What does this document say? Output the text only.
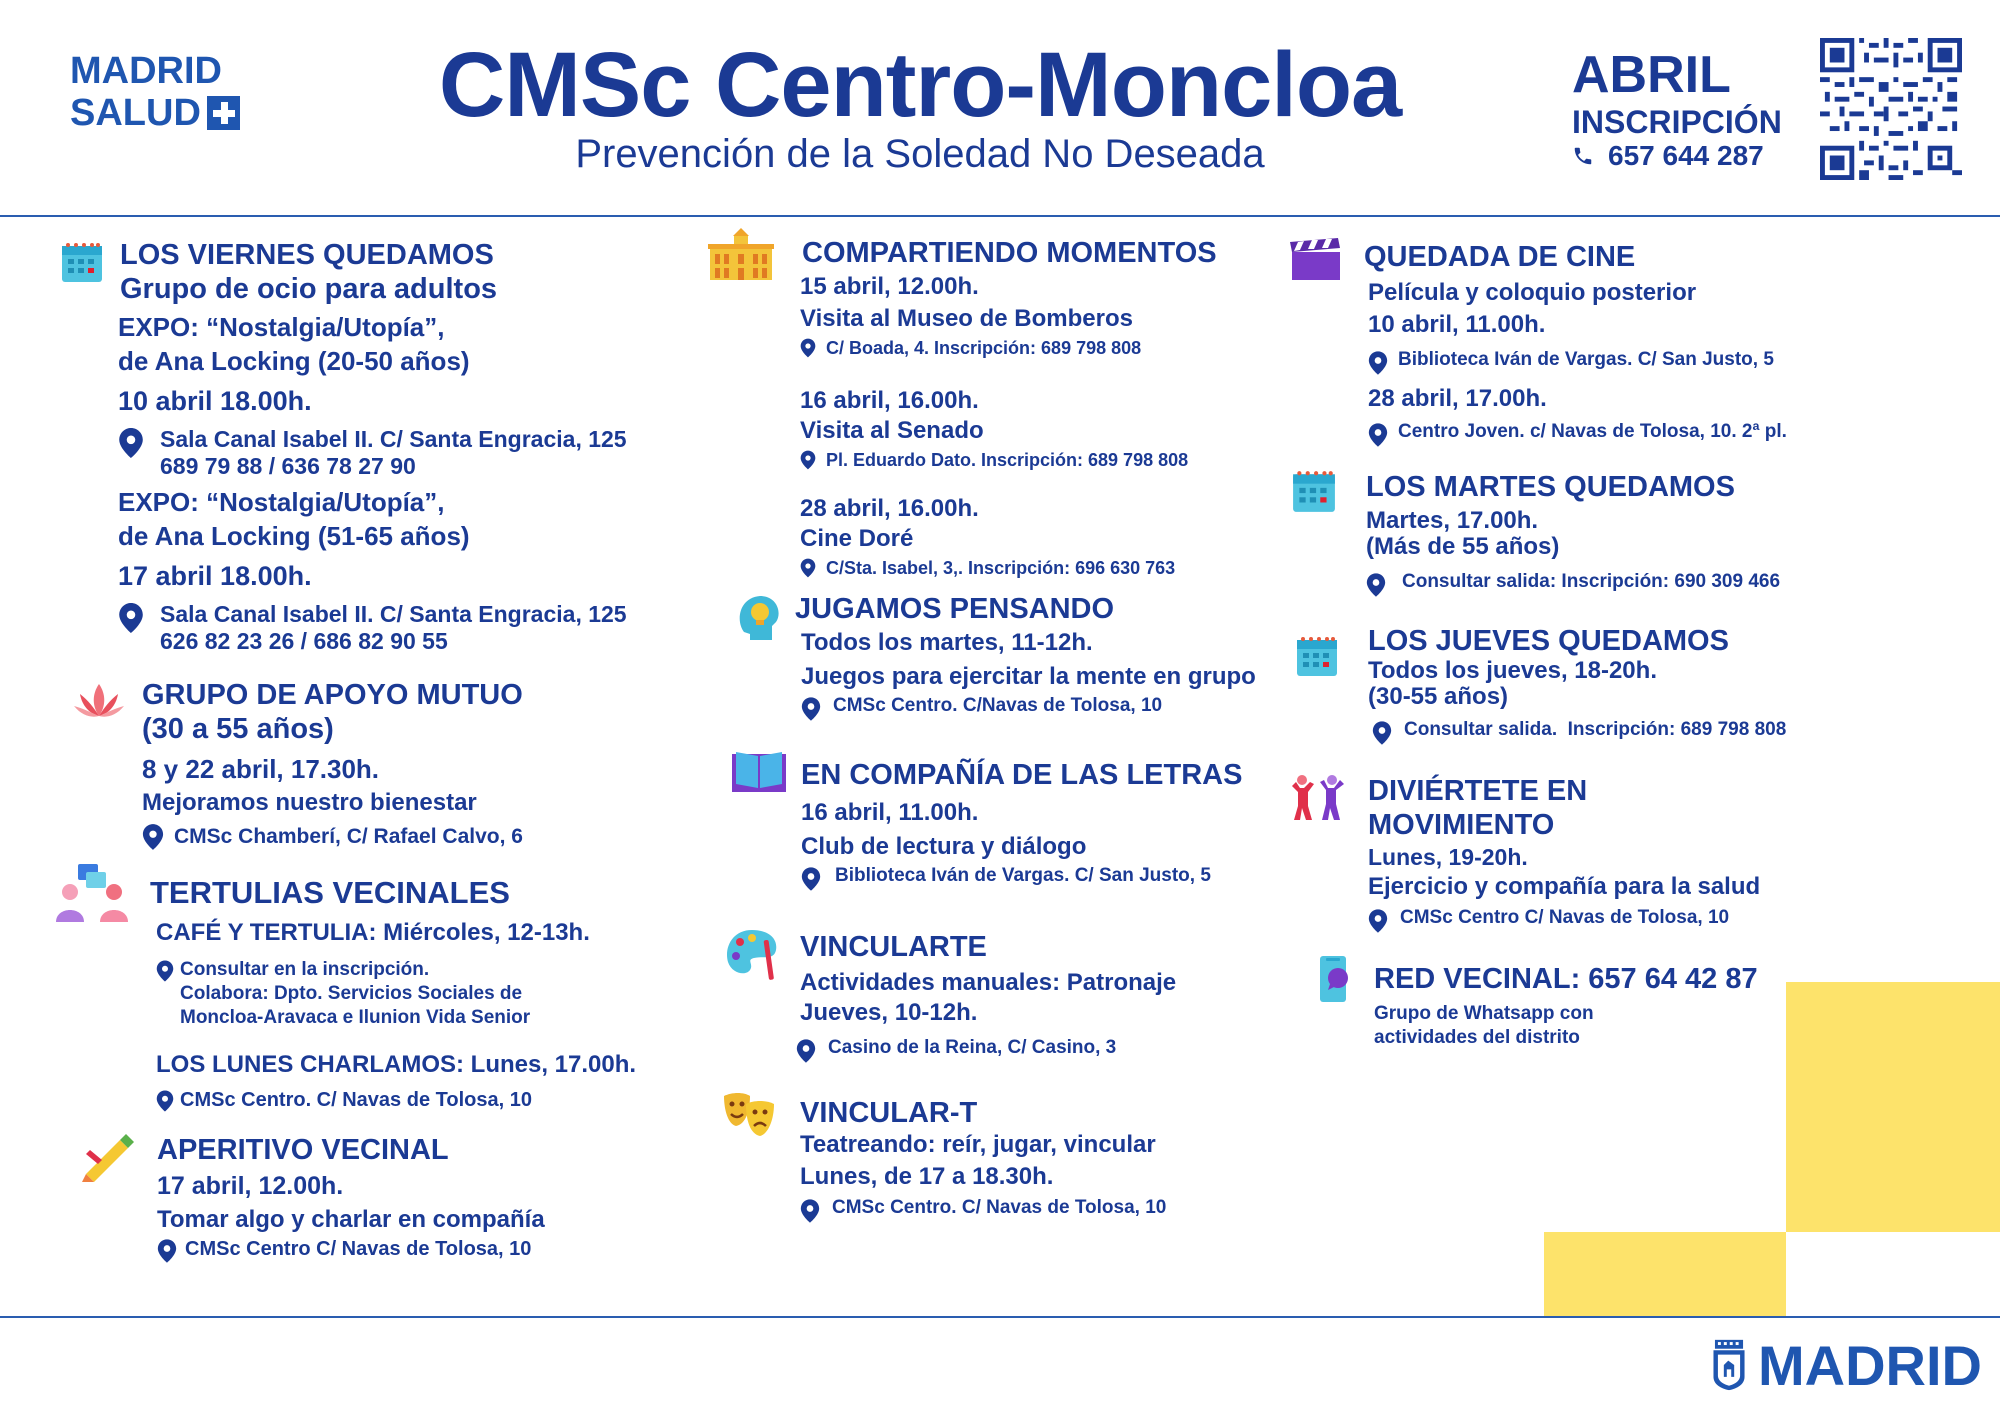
MADRID
SALUD	CMSc Centro-Moncloa
Prevención de la Soledad No Deseada
ABRIL
INSCRIPCIÓN
657 644 287
LOS VIERNES QUEDAMOS
Grupo de ocio para adultos
EXPO: “Nostalgia/Utopía”,
de Ana Locking (20-50 años)
10 abril 18.00h.
Sala Canal Isabel II. C/ Santa Engracia, 125
689 79 88 / 636 78 27 90
EXPO: “Nostalgia/Utopía”,
de Ana Locking (51-65 años)
17 abril 18.00h.
Sala Canal Isabel II. C/ Santa Engracia, 125
626 82 23 26 / 686 82 90 55
GRUPO DE APOYO MUTUO
(30 a 55 años)
8 y 22 abril, 17.30h.
Mejoramos nuestro bienestar
CMSc Chamberí, C/ Rafael Calvo, 6
TERTULIAS VECINALES
CAFÉ Y TERTULIA: Miércoles, 12-13h.
Consultar en la inscripción.
Colabora: Dpto. Servicios Sociales de
Moncloa-Aravaca e Ilunion Vida Senior
LOS LUNES CHARLAMOS: Lunes, 17.00h.
CMSc Centro. C/ Navas de Tolosa, 10
APERITIVO VECINAL
17 abril, 12.00h.
Tomar algo y charlar en compañía
CMSc Centro C/ Navas de Tolosa, 10
COMPARTIENDO MOMENTOS
15 abril, 12.00h.
Visita al Museo de Bomberos
C/ Boada, 4. Inscripción: 689 798 808
16 abril, 16.00h.
Visita al Senado
Pl. Eduardo Dato. Inscripción: 689 798 808
28 abril, 16.00h.
Cine Doré
C/Sta. Isabel, 3,. Inscripción: 696 630 763
JUGAMOS PENSANDO
Todos los martes, 11-12h.
Juegos para ejercitar la mente en grupo
CMSc Centro. C/Navas de Tolosa, 10
EN COMPAÑÍA DE LAS LETRAS
16 abril, 11.00h.
Club de lectura y diálogo
Biblioteca Iván de Vargas. C/ San Justo, 5
VINCULARTE
Actividades manuales: Patronaje
Jueves, 10-12h.
Casino de la Reina, C/ Casino, 3
VINCULAR-T
Teatreando: reír, jugar, vincular
Lunes, de 17 a 18.30h.
CMSc Centro. C/ Navas de Tolosa, 10
QUEDADA DE CINE
Película y coloquio posterior
10 abril, 11.00h.
Biblioteca Iván de Vargas. C/ San Justo, 5
28 abril, 17.00h.
Centro Joven. c/ Navas de Tolosa, 10. 2ª pl.
LOS MARTES QUEDAMOS
Martes, 17.00h.
(Más de 55 años)
Consultar salida: Inscripción: 690 309 466
LOS JUEVES QUEDAMOS
Todos los jueves, 18-20h.
(30-55 años)
Consultar salida.  Inscripción: 689 798 808
DIVIÉRTETE EN
MOVIMIENTO
Lunes, 19-20h.
Ejercicio y compañía para la salud
CMSc Centro C/ Navas de Tolosa, 10
RED VECINAL: 657 64 42 87
Grupo de Whatsapp con
actividades del distrito
MADRID
